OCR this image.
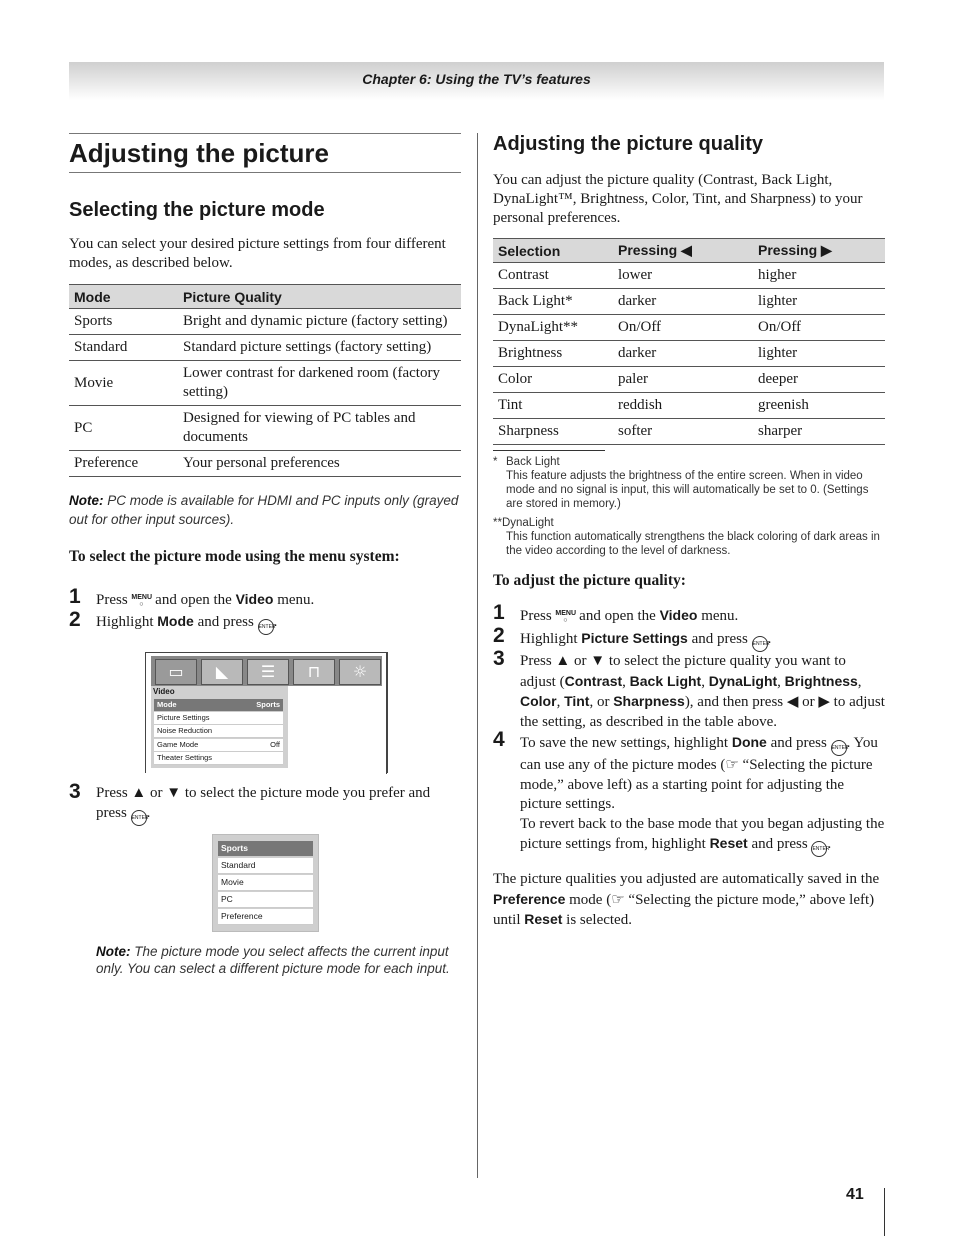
Chapter 6: Using the TV’s features
Adjusting the picture
Selecting the picture mode

You can select your desired picture settings from four different modes, as described below.

Mode	Picture Quality
Sports	Bright and dynamic picture (factory setting)
Standard	Standard picture settings (factory setting)
Movie	Lower contrast for darkened room (factory setting)
PC	Designed for viewing of PC tables and documents
Preference	Your personal preferences
Note: PC mode is available for HDMI and PC inputs only (grayed out for other input sources).
To select the picture mode using the menu system:
1 Press MENU
○ and open the Video menu.
2 Highlight Mode and press ENTER.
▭	◣	☰	⊓	☼
Video
Mode	Sports
Picture Settings
Noise Reduction
Game Mode	Off
Theater Settings
3 Press ▲ or ▼ to select the picture mode you prefer and press ENTER.
Sports
Standard
Movie
PC
Preference
Note: The picture mode you select affects the current input only. You can select a different picture mode for each input.
Adjusting the picture quality

You can adjust the picture quality (Contrast, Back Light, DynaLight™, Brightness, Color, Tint, and Sharpness) to your personal preferences.

Selection	Pressing ◀	Pressing ▶
Contrast	lower	higher
Back Light*	darker	lighter
DynaLight**	On/Off	On/Off
Brightness	darker	lighter
Color	paler	deeper
Tint	reddish	greenish
Sharpness	softer	sharper
* Back Light
This feature adjusts the brightness of the entire screen. When in video mode and no signal is input, this will automatically be set to 0. (Settings are stored in memory.)
**DynaLight
This function automatically strengthens the black coloring of dark areas in the video according to the level of darkness.
To adjust the picture quality:
1 Press MENU
○ and open the Video menu.
2 Highlight Picture Settings and press ENTER.
3 Press ▲ or ▼ to select the picture quality you want to adjust (Contrast, Back Light, DynaLight, Brightness, Color, Tint, or Sharpness), and then press ◀ or ▶ to adjust the setting, as described in the table above.
4 To save the new settings, highlight Done and press ENTER. You can use any of the picture modes (☞ “Selecting the picture mode,” above left) as a starting point for adjusting the picture settings.
To revert back to the base mode that you began adjusting the picture settings from, highlight Reset and press ENTER.
The picture qualities you adjusted are automatically saved in the Preference mode (☞ “Selecting the picture mode,” above left) until Reset is selected.
41
